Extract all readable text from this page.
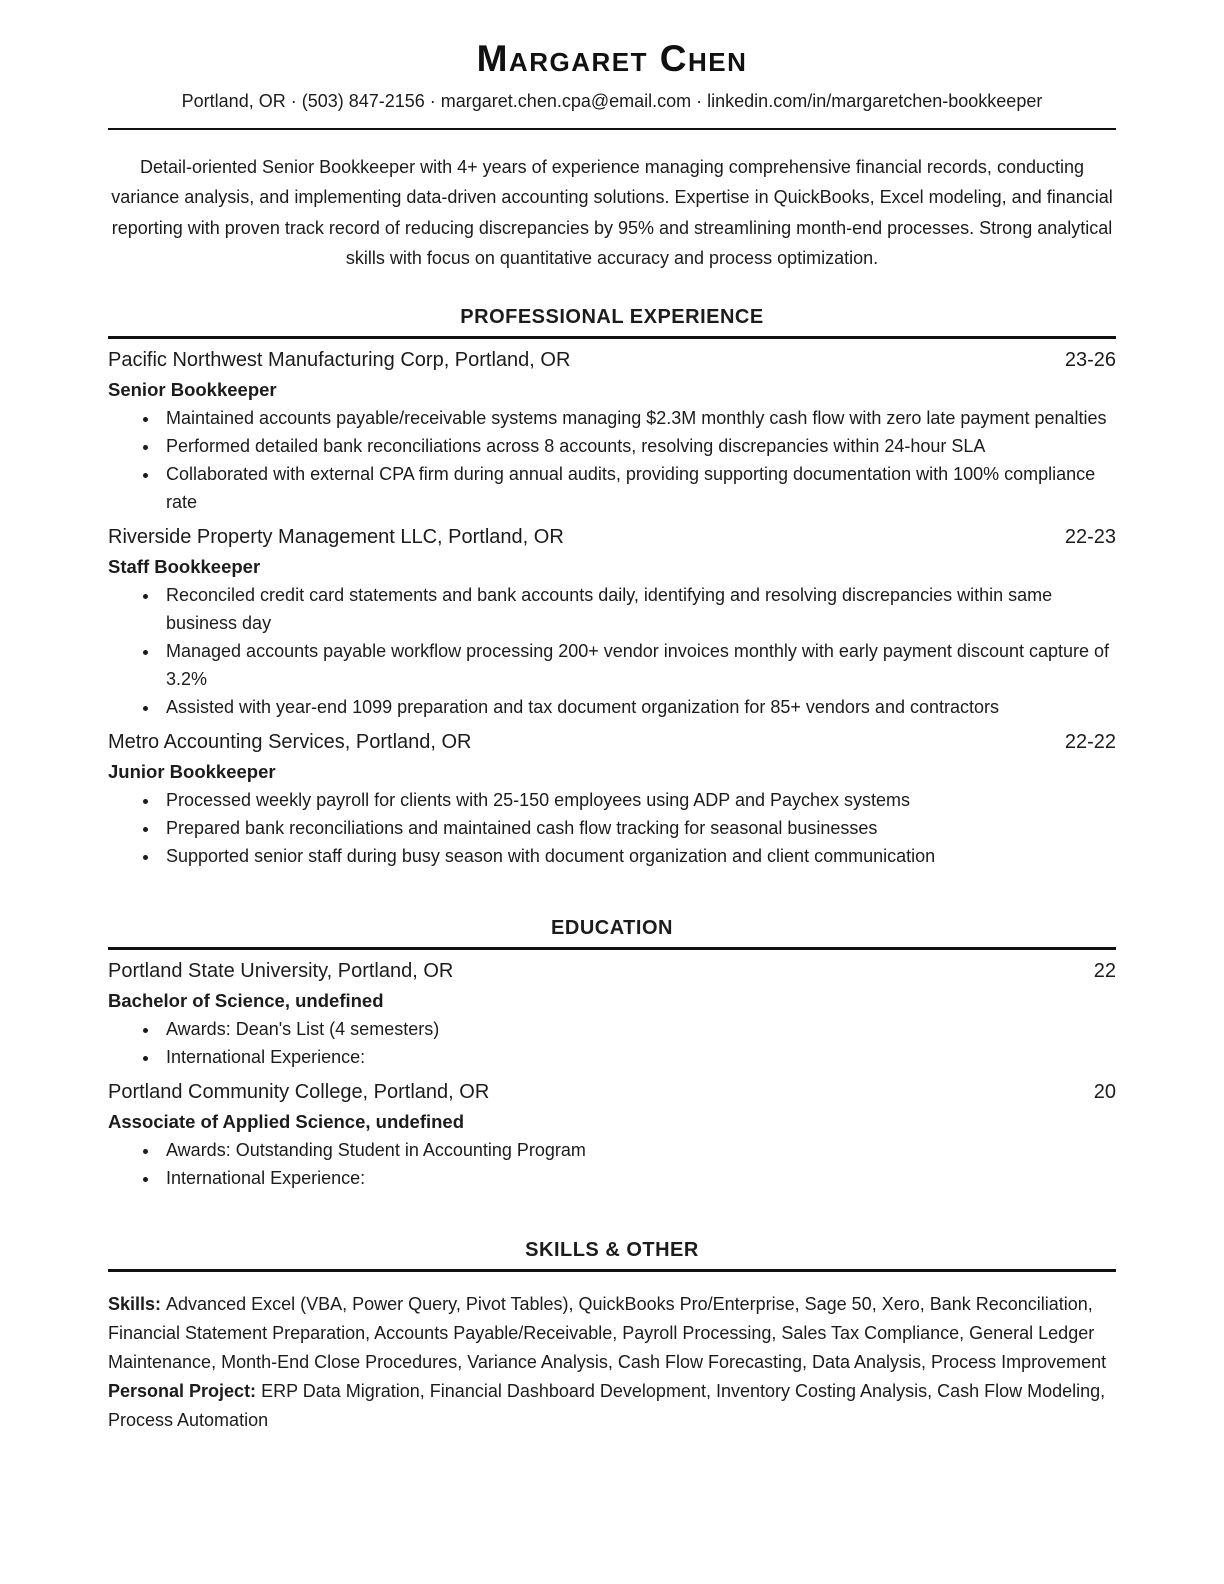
Margaret Chen
Portland, OR · (503) 847-2156 · margaret.chen.cpa@email.com · linkedin.com/in/margaretchen-bookkeeper

Detail-oriented Senior Bookkeeper with 4+ years of experience managing comprehensive financial records, conducting variance analysis, and implementing data-driven accounting solutions. Expertise in QuickBooks, Excel modeling, and financial reporting with proven track record of reducing discrepancies by 95% and streamlining month-end processes. Strong analytical skills with focus on quantitative accuracy and process optimization.

PROFESSIONAL EXPERIENCE
Pacific Northwest Manufacturing Corp, Portland, OR	23-26
Senior Bookkeeper
• Maintained accounts payable/receivable systems managing $2.3M monthly cash flow with zero late payment penalties
• Performed detailed bank reconciliations across 8 accounts, resolving discrepancies within 24-hour SLA
• Collaborated with external CPA firm during annual audits, providing supporting documentation with 100% compliance rate
Riverside Property Management LLC, Portland, OR	22-23
Staff Bookkeeper
• Reconciled credit card statements and bank accounts daily, identifying and resolving discrepancies within same business day
• Managed accounts payable workflow processing 200+ vendor invoices monthly with early payment discount capture of 3.2%
• Assisted with year-end 1099 preparation and tax document organization for 85+ vendors and contractors
Metro Accounting Services, Portland, OR	22-22
Junior Bookkeeper
• Processed weekly payroll for clients with 25-150 employees using ADP and Paychex systems
• Prepared bank reconciliations and maintained cash flow tracking for seasonal businesses
• Supported senior staff during busy season with document organization and client communication
EDUCATION
Portland State University, Portland, OR	22
Bachelor of Science, undefined
• Awards: Dean's List (4 semesters)
• International Experience:
Portland Community College, Portland, OR	20
Associate of Applied Science, undefined
• Awards: Outstanding Student in Accounting Program
• International Experience:
SKILLS & OTHER
Skills: Advanced Excel (VBA, Power Query, Pivot Tables), QuickBooks Pro/Enterprise, Sage 50, Xero, Bank Reconciliation, Financial Statement Preparation, Accounts Payable/Receivable, Payroll Processing, Sales Tax Compliance, General Ledger Maintenance, Month-End Close Procedures, Variance Analysis, Cash Flow Forecasting, Data Analysis, Process Improvement
Personal Project: ERP Data Migration, Financial Dashboard Development, Inventory Costing Analysis, Cash Flow Modeling, Process Automation
